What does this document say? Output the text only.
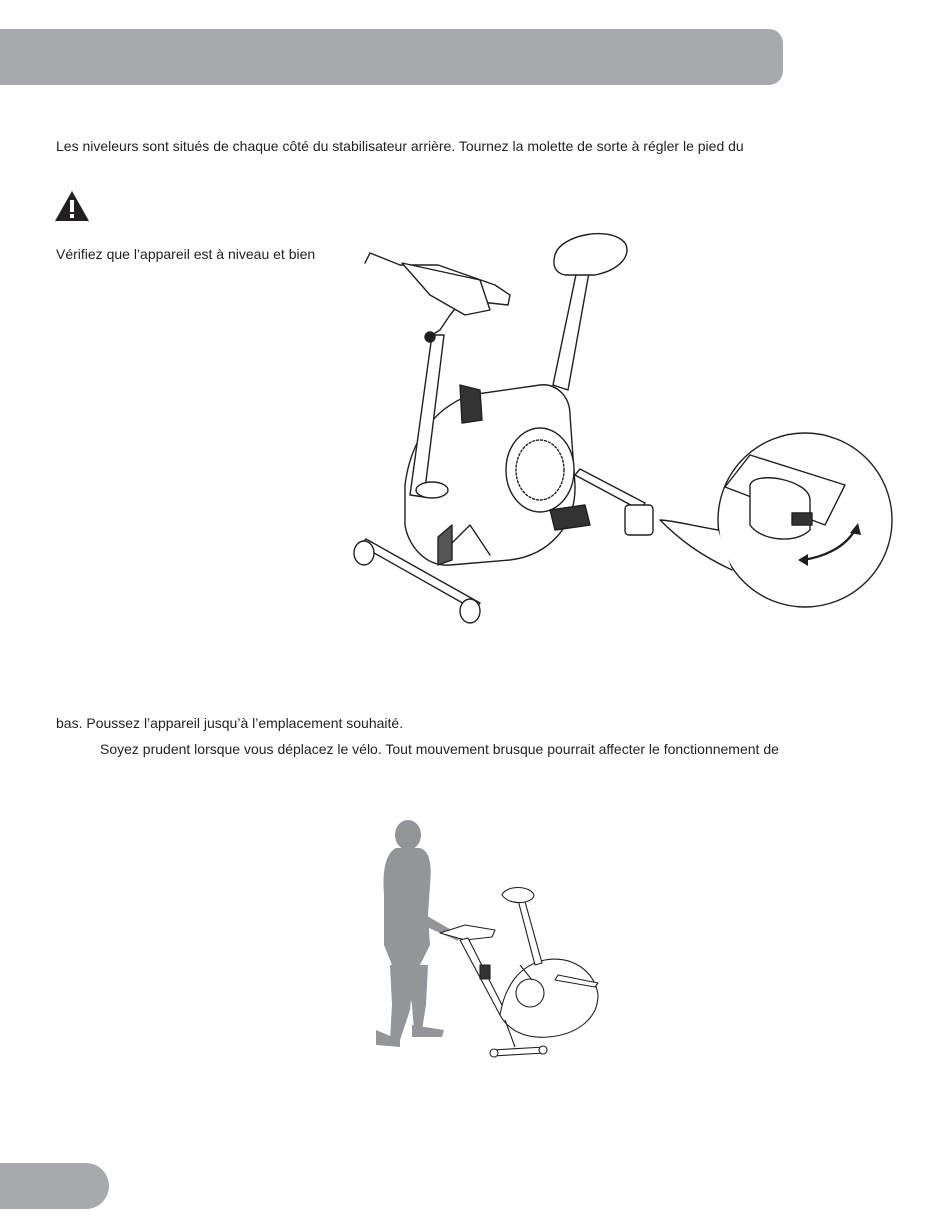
Les niveleurs sont situés de chaque côté du stabilisateur arrière. Tournez la molette de sorte à régler le pied du

Vérifiez que l’appareil est à niveau et bien

bas. Poussez l’appareil jusqu’à l’emplacement souhaité.

Soyez prudent lorsque vous déplacez le vélo. Tout mouvement brusque pourrait affecter le fonctionnement de
